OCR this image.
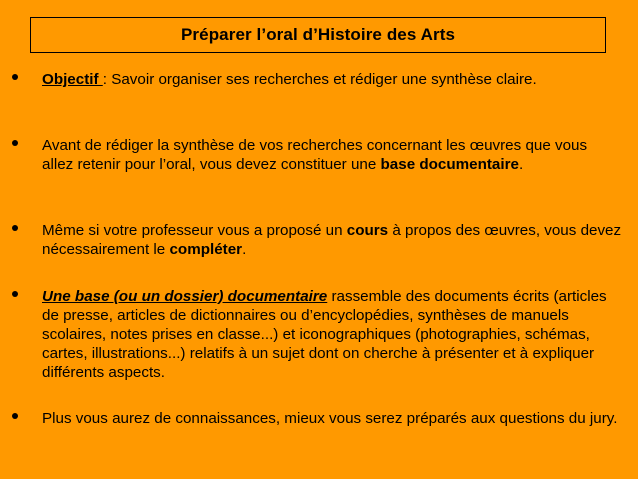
Préparer l’oral d’Histoire des Arts
Objectif : Savoir organiser ses recherches et rédiger une synthèse claire.
Avant de rédiger la synthèse de vos recherches concernant les œuvres que vous allez retenir pour l’oral, vous devez constituer une base documentaire.
Même si votre professeur vous a proposé un cours à propos des œuvres, vous devez nécessairement le compléter.
Une base (ou un dossier) documentaire rassemble des documents écrits (articles de presse, articles de dictionnaires ou d’encyclopédies, synthèses de manuels scolaires, notes prises en classe...) et iconographiques (photographies, schémas, cartes, illustrations...) relatifs à un sujet dont on cherche à présenter et à expliquer différents aspects.
Plus vous aurez de connaissances, mieux vous serez préparés aux questions du jury.
